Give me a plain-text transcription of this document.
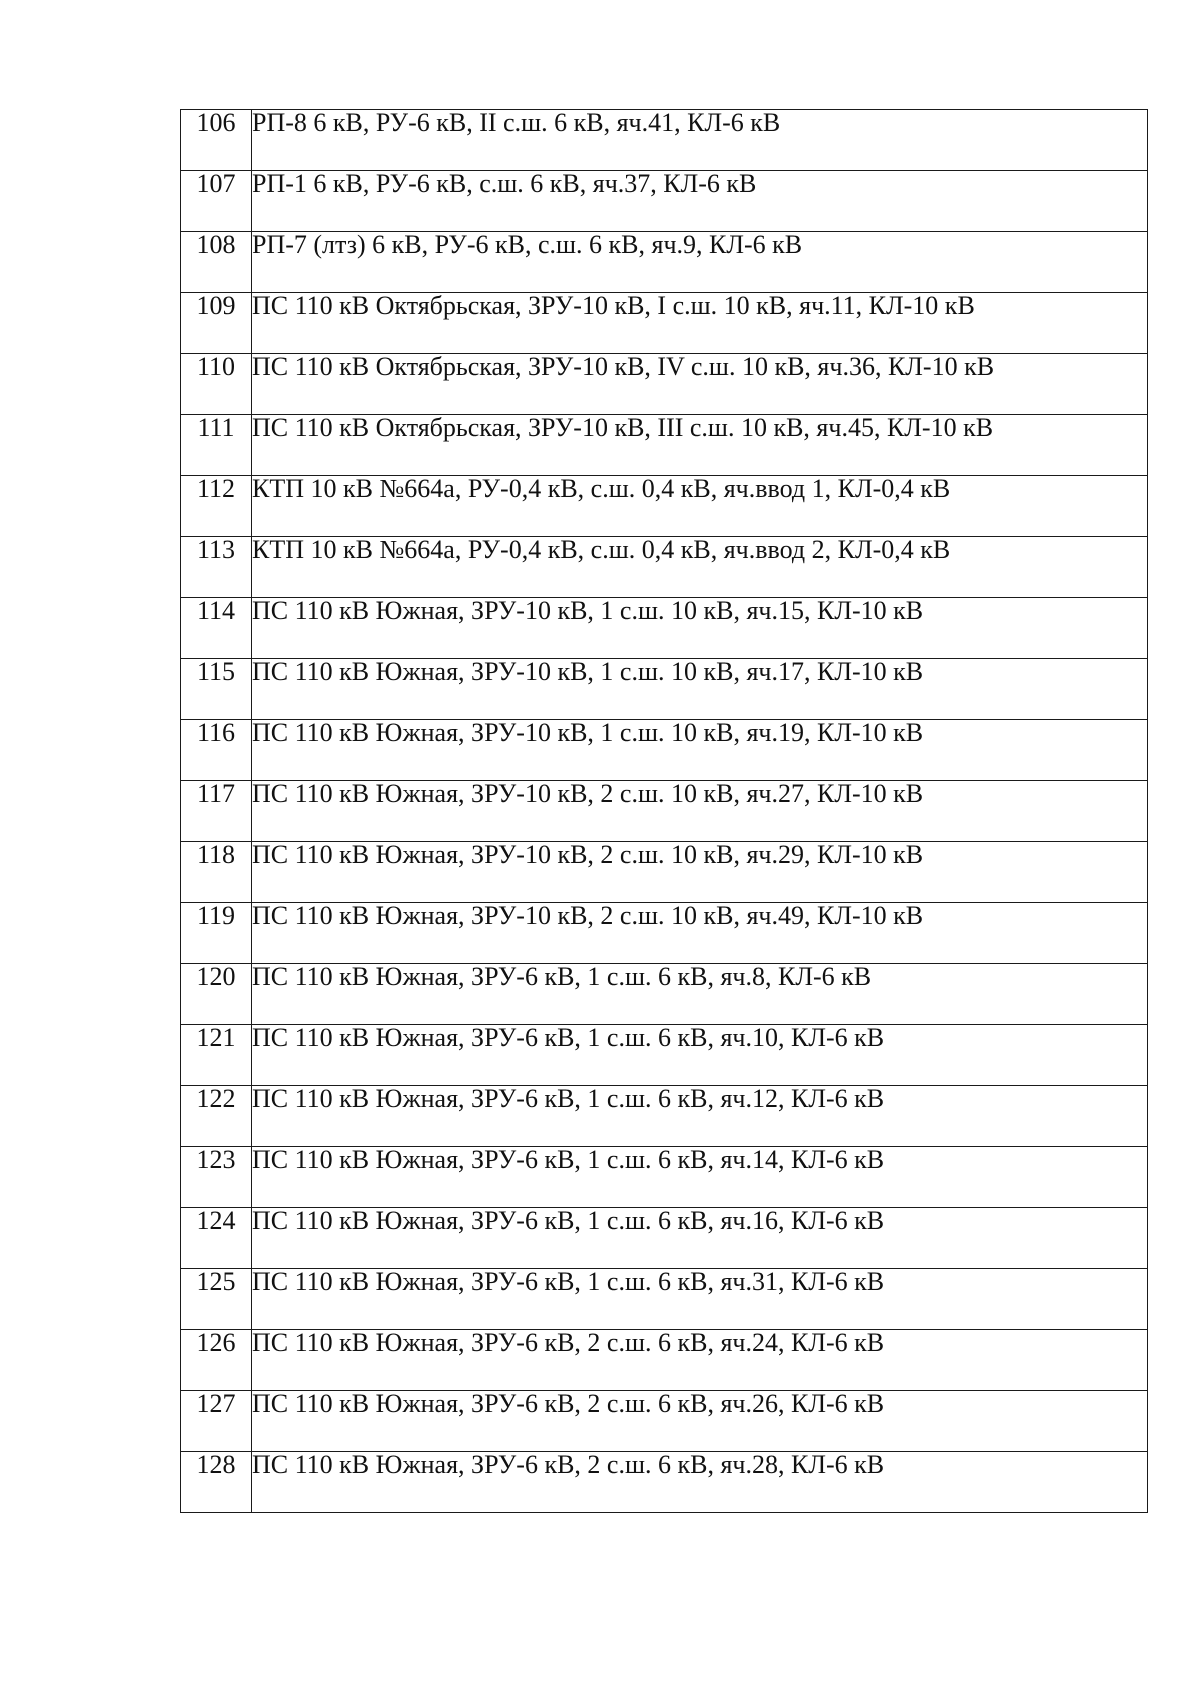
106	РП-8 6 кВ, РУ-6 кВ, II с.ш. 6 кВ, яч.41, КЛ-6 кВ
107	РП-1 6 кВ, РУ-6 кВ, с.ш. 6 кВ, яч.37, КЛ-6 кВ
108	РП-7 (лтз) 6 кВ, РУ-6 кВ, с.ш. 6 кВ, яч.9, КЛ-6 кВ
109	ПС 110 кВ Октябрьская, ЗРУ-10 кВ, I с.ш. 10 кВ, яч.11, КЛ-10 кВ
110	ПС 110 кВ Октябрьская, ЗРУ-10 кВ, IV с.ш. 10 кВ, яч.36, КЛ-10 кВ
111	ПС 110 кВ Октябрьская, ЗРУ-10 кВ, III с.ш. 10 кВ, яч.45, КЛ-10 кВ
112	КТП 10 кВ №664а, РУ-0,4 кВ, с.ш. 0,4 кВ, яч.ввод 1, КЛ-0,4 кВ
113	КТП 10 кВ №664а, РУ-0,4 кВ, с.ш. 0,4 кВ, яч.ввод 2, КЛ-0,4 кВ
114	ПС 110 кВ Южная, ЗРУ-10 кВ, 1 с.ш. 10 кВ, яч.15, КЛ-10 кВ
115	ПС 110 кВ Южная, ЗРУ-10 кВ, 1 с.ш. 10 кВ, яч.17, КЛ-10 кВ
116	ПС 110 кВ Южная, ЗРУ-10 кВ, 1 с.ш. 10 кВ, яч.19, КЛ-10 кВ
117	ПС 110 кВ Южная, ЗРУ-10 кВ, 2 с.ш. 10 кВ, яч.27, КЛ-10 кВ
118	ПС 110 кВ Южная, ЗРУ-10 кВ, 2 с.ш. 10 кВ, яч.29, КЛ-10 кВ
119	ПС 110 кВ Южная, ЗРУ-10 кВ, 2 с.ш. 10 кВ, яч.49, КЛ-10 кВ
120	ПС 110 кВ Южная, ЗРУ-6 кВ, 1 с.ш. 6 кВ, яч.8, КЛ-6 кВ
121	ПС 110 кВ Южная, ЗРУ-6 кВ, 1 с.ш. 6 кВ, яч.10, КЛ-6 кВ
122	ПС 110 кВ Южная, ЗРУ-6 кВ, 1 с.ш. 6 кВ, яч.12, КЛ-6 кВ
123	ПС 110 кВ Южная, ЗРУ-6 кВ, 1 с.ш. 6 кВ, яч.14, КЛ-6 кВ
124	ПС 110 кВ Южная, ЗРУ-6 кВ, 1 с.ш. 6 кВ, яч.16, КЛ-6 кВ
125	ПС 110 кВ Южная, ЗРУ-6 кВ, 1 с.ш. 6 кВ, яч.31, КЛ-6 кВ
126	ПС 110 кВ Южная, ЗРУ-6 кВ, 2 с.ш. 6 кВ, яч.24, КЛ-6 кВ
127	ПС 110 кВ Южная, ЗРУ-6 кВ, 2 с.ш. 6 кВ, яч.26, КЛ-6 кВ
128	ПС 110 кВ Южная, ЗРУ-6 кВ, 2 с.ш. 6 кВ, яч.28, КЛ-6 кВ
